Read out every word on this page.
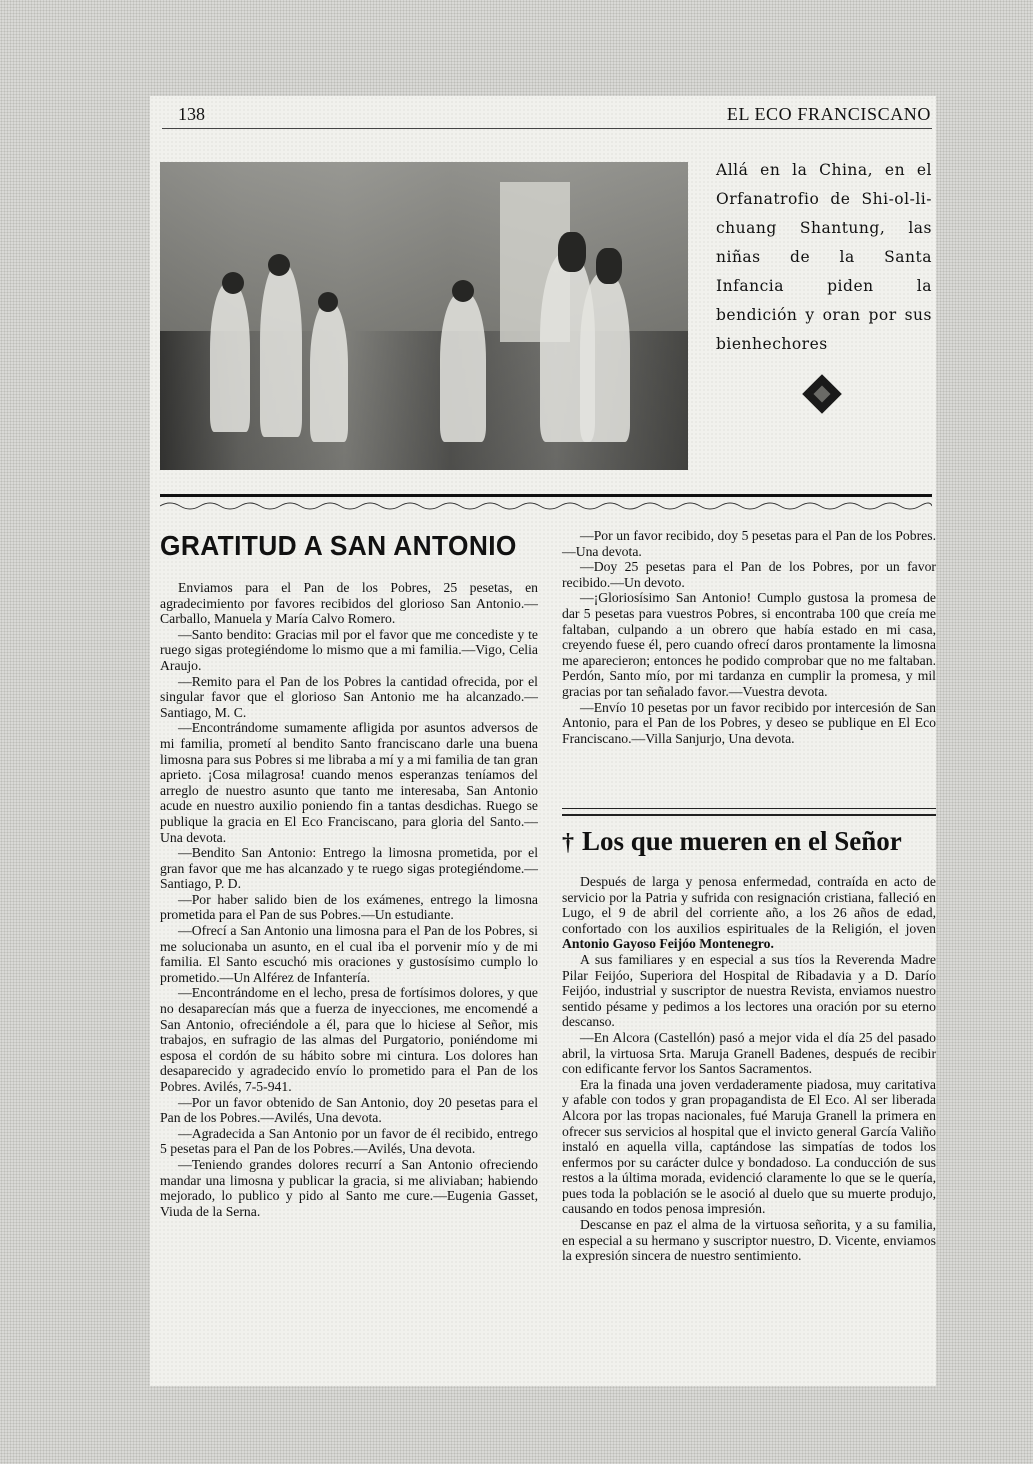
138	EL ECO FRANCISCANO
Allá en la China, en el Orfanatrofio de Shi-ol-li-chuang Shantung, las niñas de la Santa Infancia piden la bendición y oran por sus bienhechores
GRATITUD A SAN ANTONIO

Enviamos para el Pan de los Pobres, 25 pesetas, en agradecimiento por favores recibidos del glorioso San Antonio.—Carballo, Manuela y María Calvo Romero.

—Santo bendito: Gracias mil por el favor que me concediste y te ruego sigas protegiéndome lo mismo que a mi familia.—Vigo, Celia Araujo.

—Remito para el Pan de los Pobres la cantidad ofrecida, por el singular favor que el glorioso San Antonio me ha alcanzado.—Santiago, M. C.

—Encontrándome sumamente afligida por asuntos adversos de mi familia, prometí al bendito Santo franciscano darle una buena limosna para sus Pobres si me libraba a mí y a mi familia de tan gran aprieto. ¡Cosa milagrosa! cuando menos esperanzas teníamos del arreglo de nuestro asunto que tanto me interesaba, San Antonio acude en nuestro auxilio poniendo fin a tantas desdichas. Ruego se publique la gracia en El Eco Franciscano, para gloria del Santo.—Una devota.

—Bendito San Antonio: Entrego la limosna prometida, por el gran favor que me has alcanzado y te ruego sigas protegiéndome.—Santiago, P. D.

—Por haber salido bien de los exámenes, entrego la limosna prometida para el Pan de sus Pobres.—Un estudiante.

—Ofrecí a San Antonio una limosna para el Pan de los Pobres, si me solucionaba un asunto, en el cual iba el porvenir mío y de mi familia. El Santo escuchó mis oraciones y gustosísimo cumplo lo prometido.—Un Alférez de Infantería.

—Encontrándome en el lecho, presa de fortísimos dolores, y que no desaparecían más que a fuerza de inyecciones, me encomendé a San Antonio, ofreciéndole a él, para que lo hiciese al Señor, mis trabajos, en sufragio de las almas del Purgatorio, poniéndome mi esposa el cordón de su hábito sobre mi cintura. Los dolores han desaparecido y agradecido envío lo prometido para el Pan de los Pobres. Avilés, 7-5-941.

—Por un favor obtenido de San Antonio, doy 20 pesetas para el Pan de los Pobres.—Avilés, Una devota.

—Agradecida a San Antonio por un favor de él recibido, entrego 5 pesetas para el Pan de los Pobres.—Avilés, Una devota.

—Teniendo grandes dolores recurrí a San Antonio ofreciendo mandar una limosna y publicar la gracia, si me aliviaban; habiendo mejorado, lo publico y pido al Santo me cure.—Eugenia Gasset, Viuda de la Serna.

—Por un favor recibido, doy 5 pesetas para el Pan de los Pobres.—Una devota.

—Doy 25 pesetas para el Pan de los Pobres, por un favor recibido.—Un devoto.

—¡Gloriosísimo San Antonio! Cumplo gustosa la promesa de dar 5 pesetas para vuestros Pobres, si encontraba 100 que creía me faltaban, culpando a un obrero que había estado en mi casa, creyendo fuese él, pero cuando ofrecí daros prontamente la limosna me aparecieron; entonces he podido comprobar que no me faltaban. Perdón, Santo mío, por mi tardanza en cumplir la promesa, y mil gracias por tan señalado favor.—Vuestra devota.

—Envío 10 pesetas por un favor recibido por intercesión de San Antonio, para el Pan de los Pobres, y deseo se publique en El Eco Franciscano.—Villa Sanjurjo, Una devota.

† Los que mueren en el Señor

Después de larga y penosa enfermedad, contraída en acto de servicio por la Patria y sufrida con resignación cristiana, falleció en Lugo, el 9 de abril del corriente año, a los 26 años de edad, confortado con los auxilios espirituales de la Religión, el joven Antonio Gayoso Feijóo Montenegro.

A sus familiares y en especial a sus tíos la Reverenda Madre Pilar Feijóo, Superiora del Hospital de Ribadavia y a D. Darío Feijóo, industrial y suscriptor de nuestra Revista, enviamos nuestro sentido pésame y pedimos a los lectores una oración por su eterno descanso.

—En Alcora (Castellón) pasó a mejor vida el día 25 del pasado abril, la virtuosa Srta. Maruja Granell Badenes, después de recibir con edificante fervor los Santos Sacramentos.

Era la finada una joven verdaderamente piadosa, muy caritativa y afable con todos y gran propagandista de El Eco. Al ser liberada Alcora por las tropas nacionales, fué Maruja Granell la primera en ofrecer sus servicios al hospital que el invicto general García Valiño instaló en aquella villa, captándose las simpatías de todos los enfermos por su carácter dulce y bondadoso. La conducción de sus restos a la última morada, evidenció claramente lo que se le quería, pues toda la población se le asoció al duelo que su muerte produjo, causando en todos penosa impresión.

Descanse en paz el alma de la virtuosa señorita, y a su familia, en especial a su hermano y suscriptor nuestro, D. Vicente, enviamos la expresión sincera de nuestro sentimiento.
